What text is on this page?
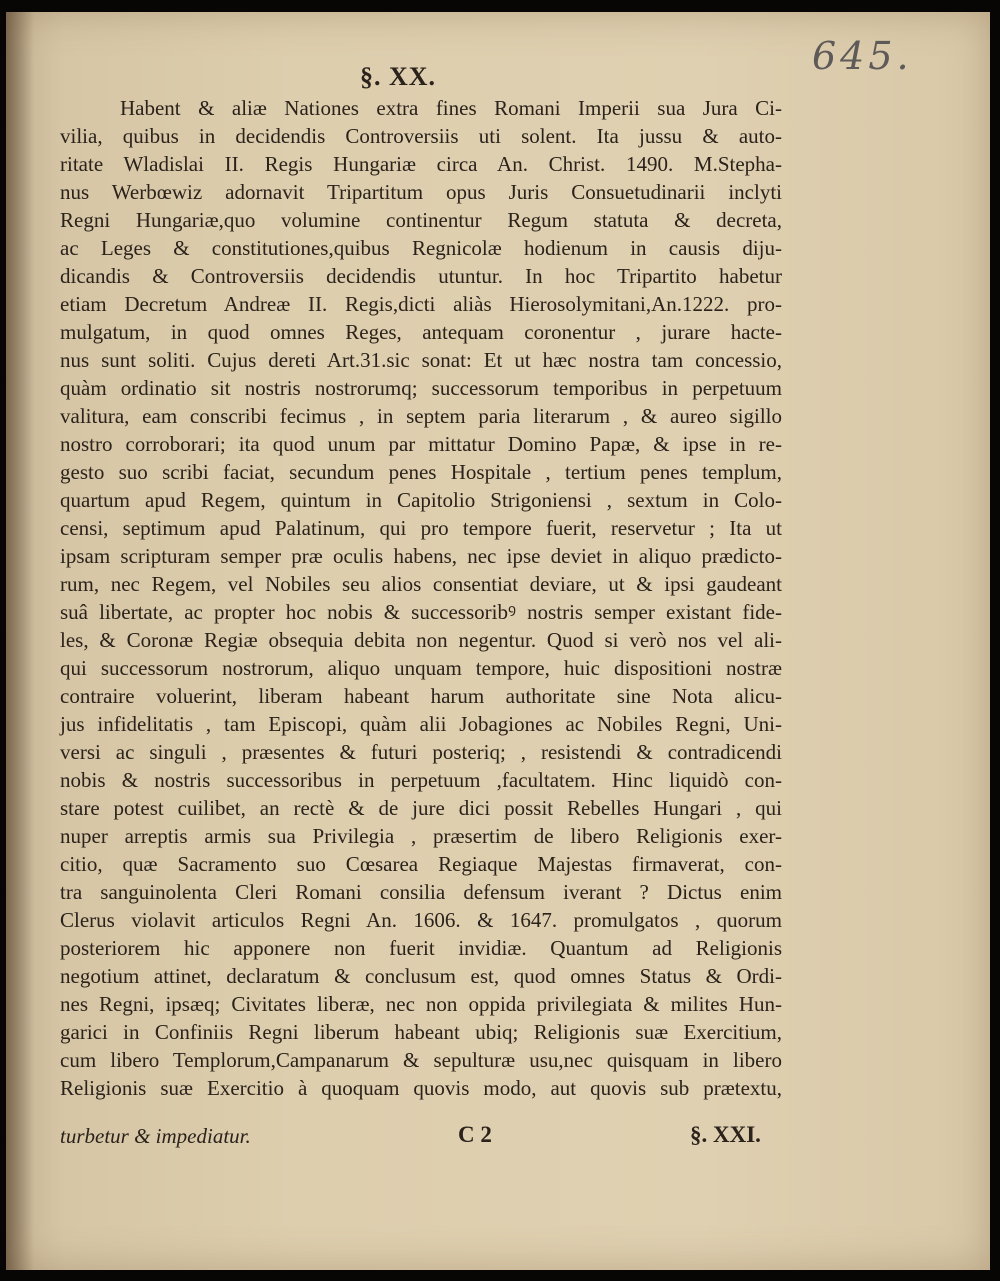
645.
§. XX.
Habent & aliæ Nationes extra fines Romani Imperii sua Jura Ci-
vilia, quibus in decidendis Controversiis uti solent. Ita jussu & auto-
ritate Wladislai II. Regis Hungariæ circa An. Christ. 1490. M.Stepha-
nus Werbœwiz adornavit Tripartitum opus Juris Consuetudinarii inclyti
Regni Hungariæ,quo volumine continentur Regum statuta & decreta,
ac Leges & constitutiones,quibus Regnicolæ hodienum in causis diju-
dicandis & Controversiis decidendis utuntur. In hoc Tripartito habetur
etiam Decretum Andreæ II. Regis,dicti aliàs Hierosolymitani,An.1222. pro-
mulgatum, in quod omnes Reges, antequam coronentur , jurare hacte-
nus sunt soliti. Cujus dereti Art.31.sic sonat: Et ut hæc nostra tam concessio,
quàm ordinatio sit nostris nostrorumq; successorum temporibus in perpetuum
valitura, eam conscribi fecimus , in septem paria literarum , & aureo sigillo
nostro corroborari; ita quod unum par mittatur Domino Papæ, & ipse in re-
gesto suo scribi faciat, secundum penes Hospitale , tertium penes templum,
quartum apud Regem, quintum in Capitolio Strigoniensi , sextum in Colo-
censi, septimum apud Palatinum, qui pro tempore fuerit, reservetur ; Ita ut
ipsam scripturam semper præ oculis habens, nec ipse deviet in aliquo prædicto-
rum, nec Regem, vel Nobiles seu alios consentiat deviare, ut & ipsi gaudeant
suâ libertate, ac propter hoc nobis & successoribꝰ nostris semper existant fide-
les, & Coronæ Regiæ obsequia debita non negentur. Quod si verò nos vel ali-
qui successorum nostrorum, aliquo unquam tempore, huic dispositioni nostræ
contraire voluerint, liberam habeant harum authoritate sine Nota alicu-
jus infidelitatis , tam Episcopi, quàm alii Jobagiones ac Nobiles Regni, Uni-
versi ac singuli , præsentes & futuri posteriq; , resistendi & contradicendi
nobis & nostris successoribus in perpetuum ,facultatem. Hinc liquidò con-
stare potest cuilibet, an rectè & de jure dici possit Rebelles Hungari , qui
nuper arreptis armis sua Privilegia , præsertim de libero Religionis exer-
citio, quæ Sacramento suo Cœsarea Regiaque Majestas firmaverat, con-
tra sanguinolenta Cleri Romani consilia defensum iverant ? Dictus enim
Clerus violavit articulos Regni An. 1606. & 1647. promulgatos , quorum
posteriorem hic apponere non fuerit invidiæ. Quantum ad Religionis
negotium attinet, declaratum & conclusum est, quod omnes Status & Ordi-
nes Regni, ipsæq; Civitates liberæ, nec non oppida privilegiata & milites Hun-
garici in Confiniis Regni liberum habeant ubiq; Religionis suæ Exercitium,
cum libero Templorum,Campanarum & sepulturæ usu,nec quisquam in libero
Religionis suæ Exercitio à quoquam quovis modo, aut quovis sub prætextu,
turbetur & impediatur.	C 2	§. XXI.
